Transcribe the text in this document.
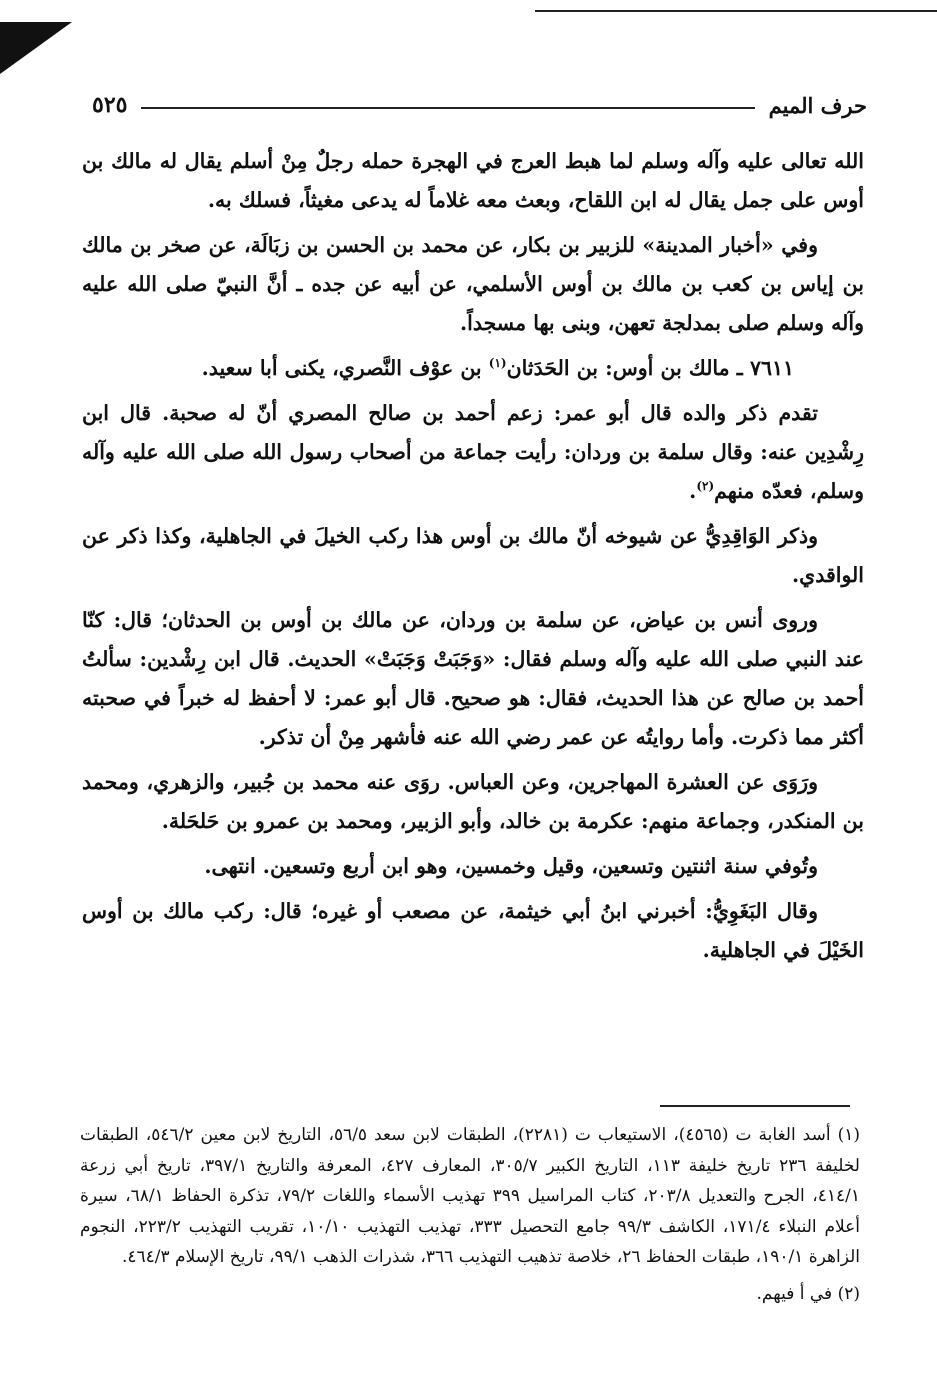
حرف الميم
٥٢٥

الله تعالى عليه وآله وسلم لما هبط العرج في الهجرة حمله رجلٌ مِنْ أسلم يقال له مالك بن أوس على جمل يقال له ابن اللقاح، وبعث معه غلاماً له يدعى مغيثاً، فسلك به.

وفي «أخبار المدينة» للزبير بن بكار، عن محمد بن الحسن بن زبَالَة، عن صخر بن مالك بن إياس بن كعب بن مالك بن أوس الأسلمي، عن أبيه عن جده ـ أنَّ النبيّ صلى الله عليه وآله وسلم صلى بمدلجة تعهن، وبنى بها مسجداً.

٧٦١١ ـ مالك بن أوس: بن الحَدَثان$^{(١)}$ بن عوْف النَّصري، يكنى أبا سعيد.

تقدم ذكر والده قال أبو عمر: زعم أحمد بن صالح المصري أنّ له صحبة. قال ابن رِشْدِين عنه: وقال سلمة بن وردان: رأيت جماعة من أصحاب رسول الله صلى الله عليه وآله وسلم، فعدّه منهم$^{(٢)}$.

وذكر الوَاقِدِيُّ عن شيوخه أنّ مالك بن أوس هذا ركب الخيلَ في الجاهلية، وكذا ذكر عن الواقدي.

وروى أنس بن عياض، عن سلمة بن وردان، عن مالك بن أوس بن الحدثان؛ قال: كنّا عند النبي صلى الله عليه وآله وسلم فقال: «وَجَبَتْ وَجَبَتْ» الحديث. قال ابن رِشْدين: سألتُ أحمد بن صالح عن هذا الحديث، فقال: هو صحيح. قال أبو عمر: لا أحفظ له خبراً في صحبته أكثر مما ذكرت. وأما روايتُه عن عمر رضي الله عنه فأشهر مِنْ أن تذكر.

ورَوَى عن العشرة المهاجرين، وعن العباس. روَى عنه محمد بن جُبير، والزهري، ومحمد بن المنكدر، وجماعة منهم: عكرمة بن خالد، وأبو الزبير، ومحمد بن عمرو بن حَلحَلة.

وتُوفي سنة اثنتين وتسعين، وقيل وخمسين، وهو ابن أربع وتسعين. انتهى.

وقال البَغَوِيُّ: أخبرني ابنُ أبي خيثمة، عن مصعب أو غيره؛ قال: ركب مالك بن أوس الخَيْلَ في الجاهلية.

(١) أسد الغابة ت (٤٥٦٥)، الاستيعاب ت (٢٢٨١)، الطبقات لابن سعد ٥٦/٥، التاريخ لابن معين ٥٤٦/٢، الطبقات لخليفة ٢٣٦ تاريخ خليفة ١١٣، التاريخ الكبير ٣٠٥/٧، المعارف ٤٢٧، المعرفة والتاريخ ٣٩٧/١، تاريخ أبي زرعة ٤١٤/١، الجرح والتعديل ٢٠٣/٨، كتاب المراسيل ٣٩٩ تهذيب الأسماء واللغات ٧٩/٢، تذكرة الحفاظ ٦٨/١، سيرة أعلام النبلاء ١٧١/٤، الكاشف ٩٩/٣ جامع التحصيل ٣٣٣، تهذيب التهذيب ١٠/١٠، تقريب التهذيب ٢٢٣/٢، النجوم الزاهرة ١٩٠/١، طبقات الحفاظ ٢٦، خلاصة تذهيب التهذيب ٣٦٦، شذرات الذهب ٩٩/١، تاريخ الإسلام ٤٦٤/٣.

(٢) في أ فيهم.
